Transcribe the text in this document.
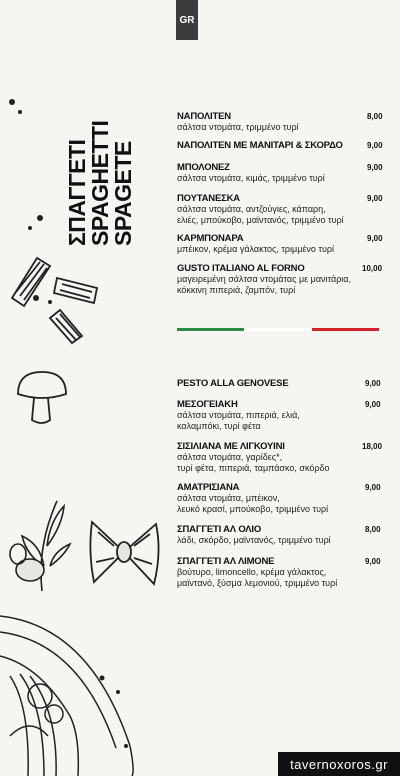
GR
ΣΠΑΓΓΕΤΙ
SPAGHETTI
SPAGETE
ΝΑΠΟΛΙΤΕΝ
σάλτσα ντομάτα, τριμμένο τυρί
8,00
ΝΑΠΟΛΙΤΕΝ ΜΕ ΜΑΝΙΤΑΡΙ & ΣΚΟΡΔΟ	9,00
ΜΠΟΛΟΝΕΖ
σάλτσα ντομάτα, κιμάς, τριμμένο τυρί
9,00
ΠΟΥΤΑΝΕΣΚΑ
σάλτσα ντομάτα, αντζούγιες, κάπαρη,
ελιές, μπούκοβο, μαϊντανός, τριμμένο τυρί
9,00
ΚΑΡΜΠΟΝΑΡΑ
μπέικον, κρέμα γάλακτος, τριμμένο τυρί
9,00
GUSTO ITALIANO AL FORNO
μαγειρεμένη σάλτσα ντομάτας με μανιτάρια,
κόκκινη πιπεριά, ζαμπόν, τυρί
10,00
PESTO ALLA GENOVESE	9,00
ΜΕΣΟΓΕΙΑΚΗ
σάλτσα ντομάτα, πιπεριά, ελιά,
καλαμπόκι, τυρί φέτα
9,00
ΣΙΣΙΛΙΑΝΑ ΜΕ ΛΙΓΚΟΥΙΝΙ
σάλτσα ντομάτα, γαρίδες*,
τυρί φέτα, πιπεριά, ταμπάσκο, σκόρδο
18,00
ΑΜΑΤΡΙΣΙΑΝΑ
σάλτσα ντομάτα, μπέικον,
λευκό κρασί, μπούκοβο, τριμμένο τυρί
9,00
ΣΠΑΓΓΕΤΙ ΑΛ ΟΛΙΟ
λάδι, σκόρδο, μαϊντανός, τριμμένο τυρί
8,00
ΣΠΑΓΓΕΤΙ ΑΛ ΛΙΜΟΝΕ
βούτυρο, limoncello, κρέμα γάλακτος,
μαϊντανό, ξύσμα λεμονιού, τριμμένο τυρί
9,00
tavernoxoros.gr
